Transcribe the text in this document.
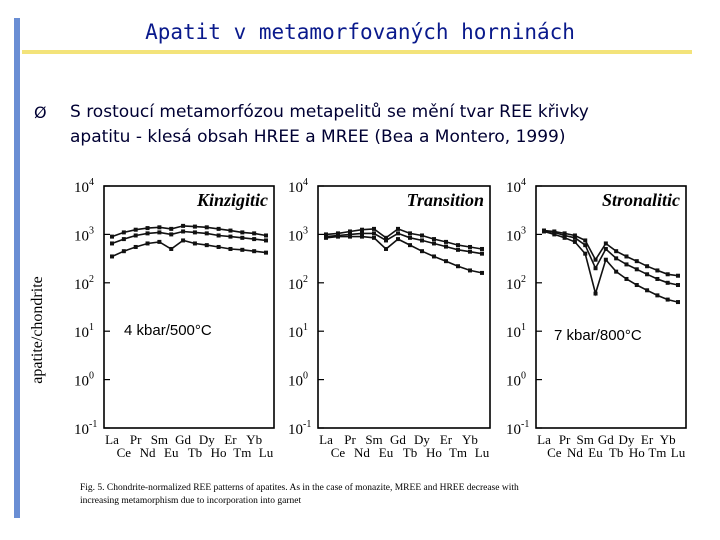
Apatit v metamorfovaných horninách
Ø S rostoucí metamorfózou metapelitů se mění tvar REE křivky
apatitu - klesá obsah HREE a MREE (Bea a Montero, 1999)
apatite/chondrite	4 kbar/500°C	7 kbar/800°C
Fig. 5. Chondrite-normalized REE patterns of apatites. As in the case of monazite, MREE and HREE decrease with
increasing metamorphism due to incorporation into garnet
$10^4$
$10^3$
$10^2$
$10^1$
$10^0$
$10^{-1}$
Kinzigitic
La
Ce
Pr
Nd
Sm
Eu
Gd
Tb
Dy
Ho
Er
Tm
Yb
Lu
$10^4$
$10^3$
$10^2$
$10^1$
$10^0$
$10^{-1}$
Transition
La
Ce
Pr
Nd
Sm
Eu
Gd
Tb
Dy
Ho
Er
Tm
Yb
Lu
$10^4$
$10^3$
$10^2$
$10^1$
$10^0$
$10^{-1}$
Stronalitic
La
Ce
Pr
Nd
Sm
Eu
Gd
Tb
Dy
Ho
Er
Tm
Yb
Lu
